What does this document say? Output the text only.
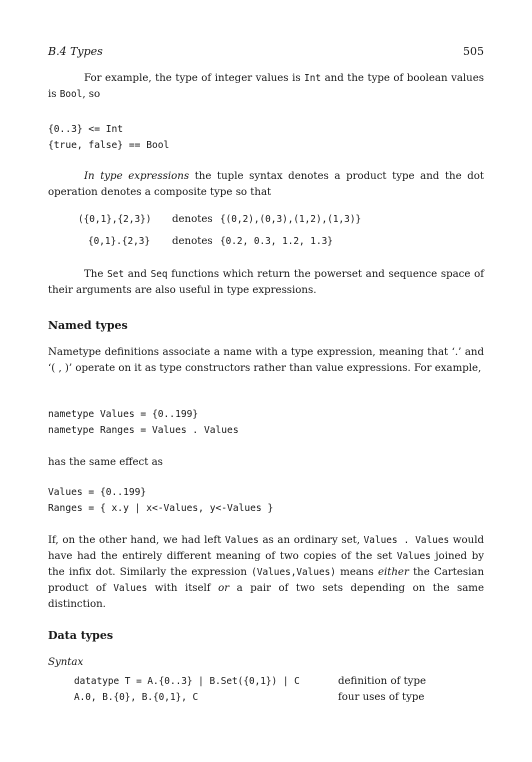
B.4 Types	505
For example, the type of integer values is Int and the type of boolean values is Bool, so
{0..3} <= Int
{true, false} == Bool
In type expressions the tuple syntax denotes a product type and the dot operation denotes a composite type so that
({0,1},{2,3}) denotes {(0,2),(0,3),(1,2),(1,3)}
{0,1}.{2,3} denotes {0.2, 0.3, 1.2, 1.3}
The Set and Seq functions which return the powerset and sequence space of their arguments are also useful in type expressions.
Named types
Nametype definitions associate a name with a type expression, meaning that ‘.’ and ‘( , )’ operate on it as type constructors rather than value expressions. For example,
nametype Values = {0..199}
nametype Ranges = Values . Values
has the same effect as
Values = {0..199}
Ranges = { x.y | x<-Values, y<-Values }
If, on the other hand, we had left Values as an ordinary set, Values . Values would have had the entirely different meaning of two copies of the set Values joined by the infix dot. Similarly the expression (Values,Values) means either the Cartesian product of Values with itself or a pair of two sets depending on the same distinction.
Data types
Syntax
datatype T = A.{0..3} | B.Set({0,1}) | C	definition of type
A.0, B.{0}, B.{0,1}, C	four uses of type
